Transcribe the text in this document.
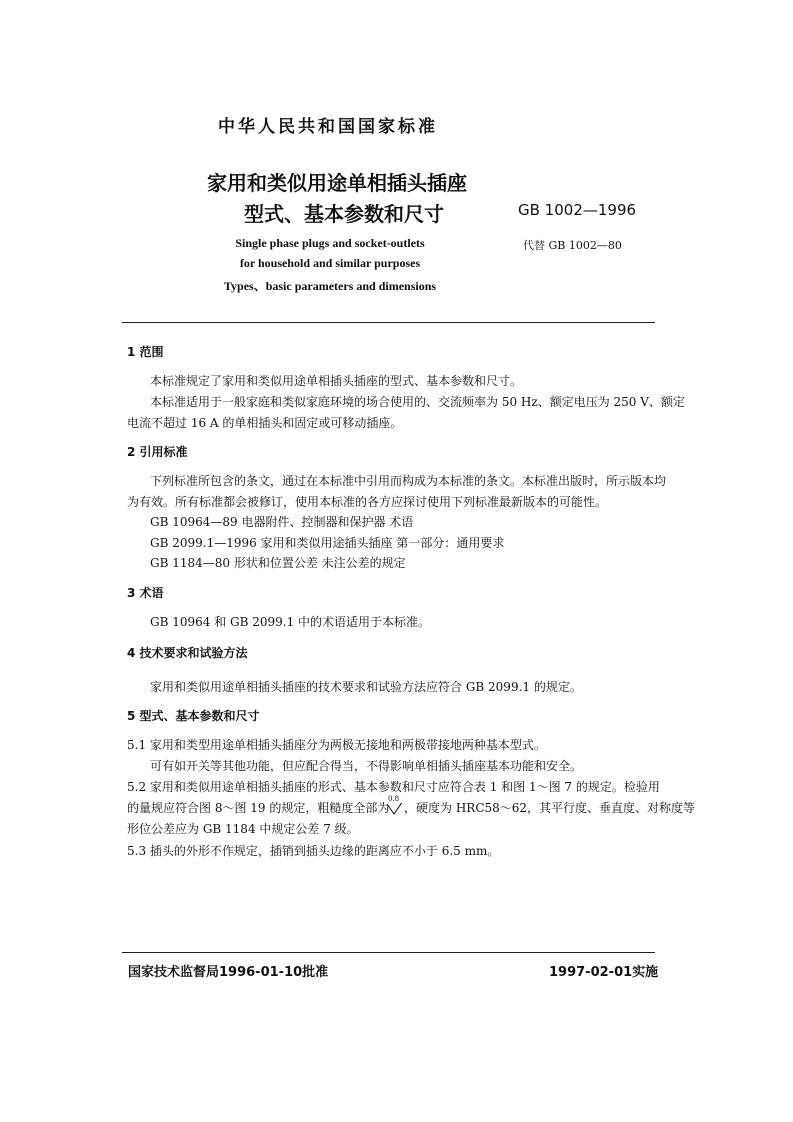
中华人民共和国国家标准
家用和类似用途单相插头插座
型式、基本参数和尺寸	GB 1002—1996
Single phase plugs and socket-outlets
for household and similar purposes
Types、basic parameters and dimensions
代替 GB 1002—80
1 范围
本标准规定了家用和类似用途单相插头插座的型式、基本参数和尺寸。
本标准适用于一般家庭和类似家庭环境的场合使用的、交流频率为 50 Hz、额定电压为 250 V、额定
电流不超过 16 A 的单相插头和固定或可移动插座。
2 引用标准
下列标准所包含的条文，通过在本标准中引用而构成为本标准的条文。本标准出版时，所示版本均
为有效。所有标准都会被修订，使用本标准的各方应探讨使用下列标准最新版本的可能性。
GB 10964—89 电器附件、控制器和保护器 术语
GB 2099.1—1996 家用和类似用途插头插座 第一部分：通用要求
GB 1184—80 形状和位置公差 未注公差的规定
3 术语
GB 10964 和 GB 2099.1 中的术语适用于本标准。
4 技术要求和试验方法
家用和类似用途单相插头插座的技术要求和试验方法应符合 GB 2099.1 的规定。
5 型式、基本参数和尺寸
5.1 家用和类型用途单相插头插座分为两极无接地和两极带接地两种基本型式。
可有如开关等其他功能，但应配合得当，不得影响单相插头插座基本功能和安全。
5.2 家用和类似用途单相插头插座的形式、基本参数和尺寸应符合表 1 和图 1～图 7 的规定。检验用
的量规应符合图 8～图 19 的规定，粗糙度全部为
0.8
，硬度为 HRC58～62，其平行度、垂直度、对称度等
形位公差应为 GB 1184 中规定公差 7 级。
5.3 插头的外形不作规定，插销到插头边缘的距离应不小于 6.5 mm。
国家技术监督局1996-01-10批准	1997-02-01实施
